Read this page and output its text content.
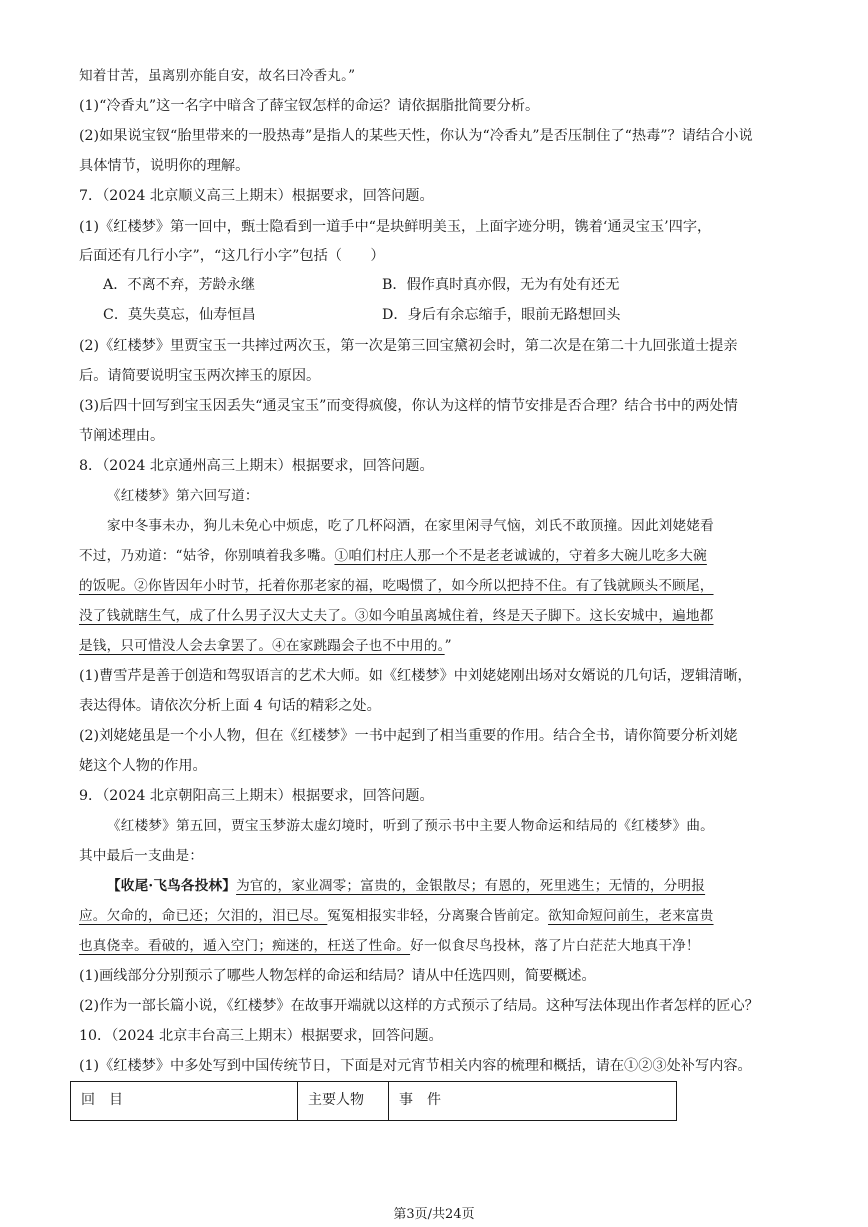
知着甘苦，虽离别亦能自安，故名曰冷香丸。”
(1)“冷香丸”这一名字中暗含了薛宝钗怎样的命运？请依据脂批简要分析。
(2)如果说宝钗“胎里带来的一股热毒”是指人的某些天性，你认为“冷香丸”是否压制住了“热毒”？请结合小说
具体情节，说明你的理解。
7．（2024 北京顺义高三上期末）根据要求，回答问题。
(1)《红楼梦》第一回中，甄士隐看到一道手中“是块鲜明美玉，上面字迹分明，镌着‘通灵宝玉’四字，
后面还有几行小字”，“这几行小字”包括（　　）
A．不离不弃，芳龄永继	B．假作真时真亦假，无为有处有还无
C．莫失莫忘，仙寿恒昌	D．身后有余忘缩手，眼前无路想回头
(2)《红楼梦》里贾宝玉一共摔过两次玉，第一次是第三回宝黛初会时，第二次是在第二十九回张道士提亲
后。请简要说明宝玉两次摔玉的原因。
(3)后四十回写到宝玉因丢失“通灵宝玉”而变得疯傻，你认为这样的情节安排是否合理？结合书中的两处情
节阐述理由。
8．（2024 北京通州高三上期末）根据要求，回答问题。
《红楼梦》第六回写道：
家中冬事未办，狗儿未免心中烦虑，吃了几杯闷酒，在家里闲寻气恼，刘氏不敢顶撞。因此刘姥姥看
不过，乃劝道：“姑爷，你别嗔着我多嘴。①咱们村庄人那一个不是老老诚诚的，守着多大碗儿吃多大碗
的饭呢。②你皆因年小时节，托着你那老家的福，吃喝惯了，如今所以把持不住。有了钱就顾头不顾尾，
没了钱就瞎生气，成了什么男子汉大丈夫了。③如今咱虽离城住着，终是天子脚下。这长安城中，遍地都
是钱，只可惜没人会去拿罢了。④在家跳蹋会子也不中用的。”
(1)曹雪芹是善于创造和驾驭语言的艺术大师。如《红楼梦》中刘姥姥刚出场对女婿说的几句话，逻辑清晰，
表达得体。请依次分析上面 4 句话的精彩之处。
(2)刘姥姥虽是一个小人物，但在《红楼梦》一书中起到了相当重要的作用。结合全书，请你简要分析刘姥
姥这个人物的作用。
9．（2024 北京朝阳高三上期末）根据要求，回答问题。
《红楼梦》第五回，贾宝玉梦游太虚幻境时，听到了预示书中主要人物命运和结局的《红楼梦》曲。
其中最后一支曲是：
【收尾·飞鸟各投林】为官的，家业凋零；富贵的，金银散尽；有恩的，死里逃生；无情的，分明报
应。欠命的，命已还；欠泪的，泪已尽。冤冤相报实非轻，分离聚合皆前定。欲知命短问前生，老来富贵
也真侥幸。看破的，遁入空门；痴迷的，枉送了性命。好一似食尽鸟投林，落了片白茫茫大地真干净！
(1)画线部分分别预示了哪些人物怎样的命运和结局？请从中任选四则，简要概述。
(2)作为一部长篇小说，《红楼梦》在故事开端就以这样的方式预示了结局。这种写法体现出作者怎样的匠心？
10．（2024 北京丰台高三上期末）根据要求，回答问题。
(1)《红楼梦》中多处写到中国传统节日，下面是对元宵节相关内容的梳理和概括，请在①②③处补写内容。
回　目	主要人物	事　件
第3页/共24页
